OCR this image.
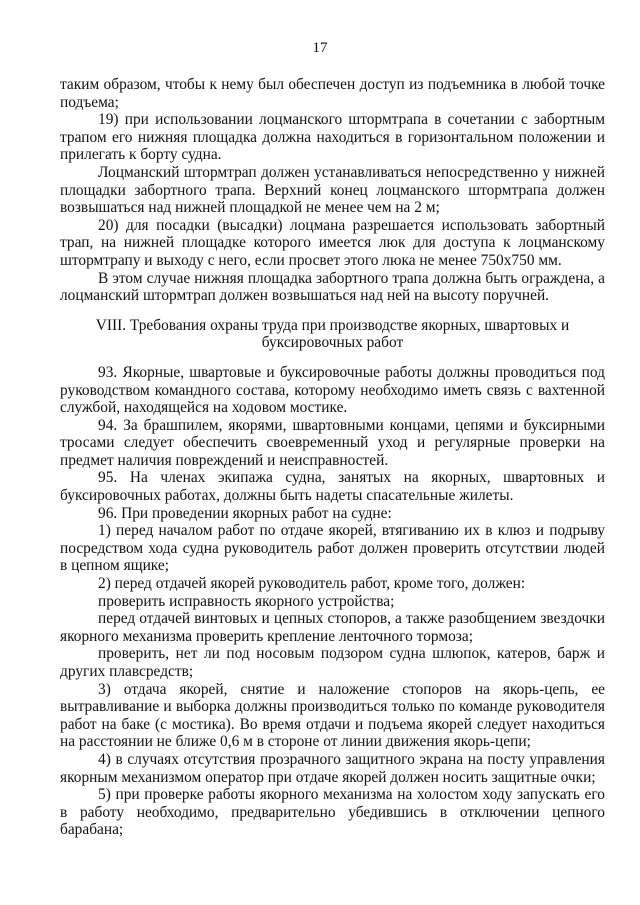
17

таким образом, чтобы к нему был обеспечен доступ из подъемника в любой точке подъема;

19) при использовании лоцманского штормтрапа в сочетании с забортным трапом его нижняя площадка должна находиться в горизонтальном положении и прилегать к борту судна.

Лоцманский штормтрап должен устанавливаться непосредственно у нижней площадки забортного трапа. Верхний конец лоцманского штормтрапа должен возвышаться над нижней площадкой не менее чем на 2 м;

20) для посадки (высадки) лоцмана разрешается использовать забортный трап, на нижней площадке которого имеется люк для доступа к лоцманскому штормтрапу и выходу с него, если просвет этого люка не менее 750х750 мм.

В этом случае нижняя площадка забортного трапа должна быть ограждена, а лоцманский штормтрап должен возвышаться над ней на высоту поручней.

VIII. Требования охраны труда при производстве якорных, швартовых и
буксировочных работ

93. Якорные, швартовые и буксировочные работы должны проводиться под руководством командного состава, которому необходимо иметь связь с вахтенной службой, находящейся на ходовом мостике.

94. За брашпилем, якорями, швартовными концами, цепями и буксирными тросами следует обеспечить своевременный уход и регулярные проверки на предмет наличия повреждений и неисправностей.

95. На членах экипажа судна, занятых на якорных, швартовных и буксировочных работах, должны быть надеты спасательные жилеты.

96. При проведении якорных работ на судне:

1) перед началом работ по отдаче якорей, втягиванию их в клюз и подрыву посредством хода судна руководитель работ должен проверить отсутствии людей в цепном ящике;

2) перед отдачей якорей руководитель работ, кроме того, должен:

проверить исправность якорного устройства;

перед отдачей винтовых и цепных стопоров, а также разобщением звездочки якорного механизма проверить крепление ленточного тормоза;

проверить, нет ли под носовым подзором судна шлюпок, катеров, барж и других плавсредств;

3) отдача якорей, снятие и наложение стопоров на якорь-цепь, ее вытравливание и выборка должны производиться только по команде руководителя работ на баке (с мостика). Во время отдачи и подъема якорей следует находиться на расстоянии не ближе 0,6 м в стороне от линии движения якорь-цепи;

4) в случаях отсутствия прозрачного защитного экрана на посту управления якорным механизмом оператор при отдаче якорей должен носить защитные очки;

5) при проверке работы якорного механизма на холостом ходу запускать его в работу необходимо, предварительно убедившись в отключении цепного барабана;
